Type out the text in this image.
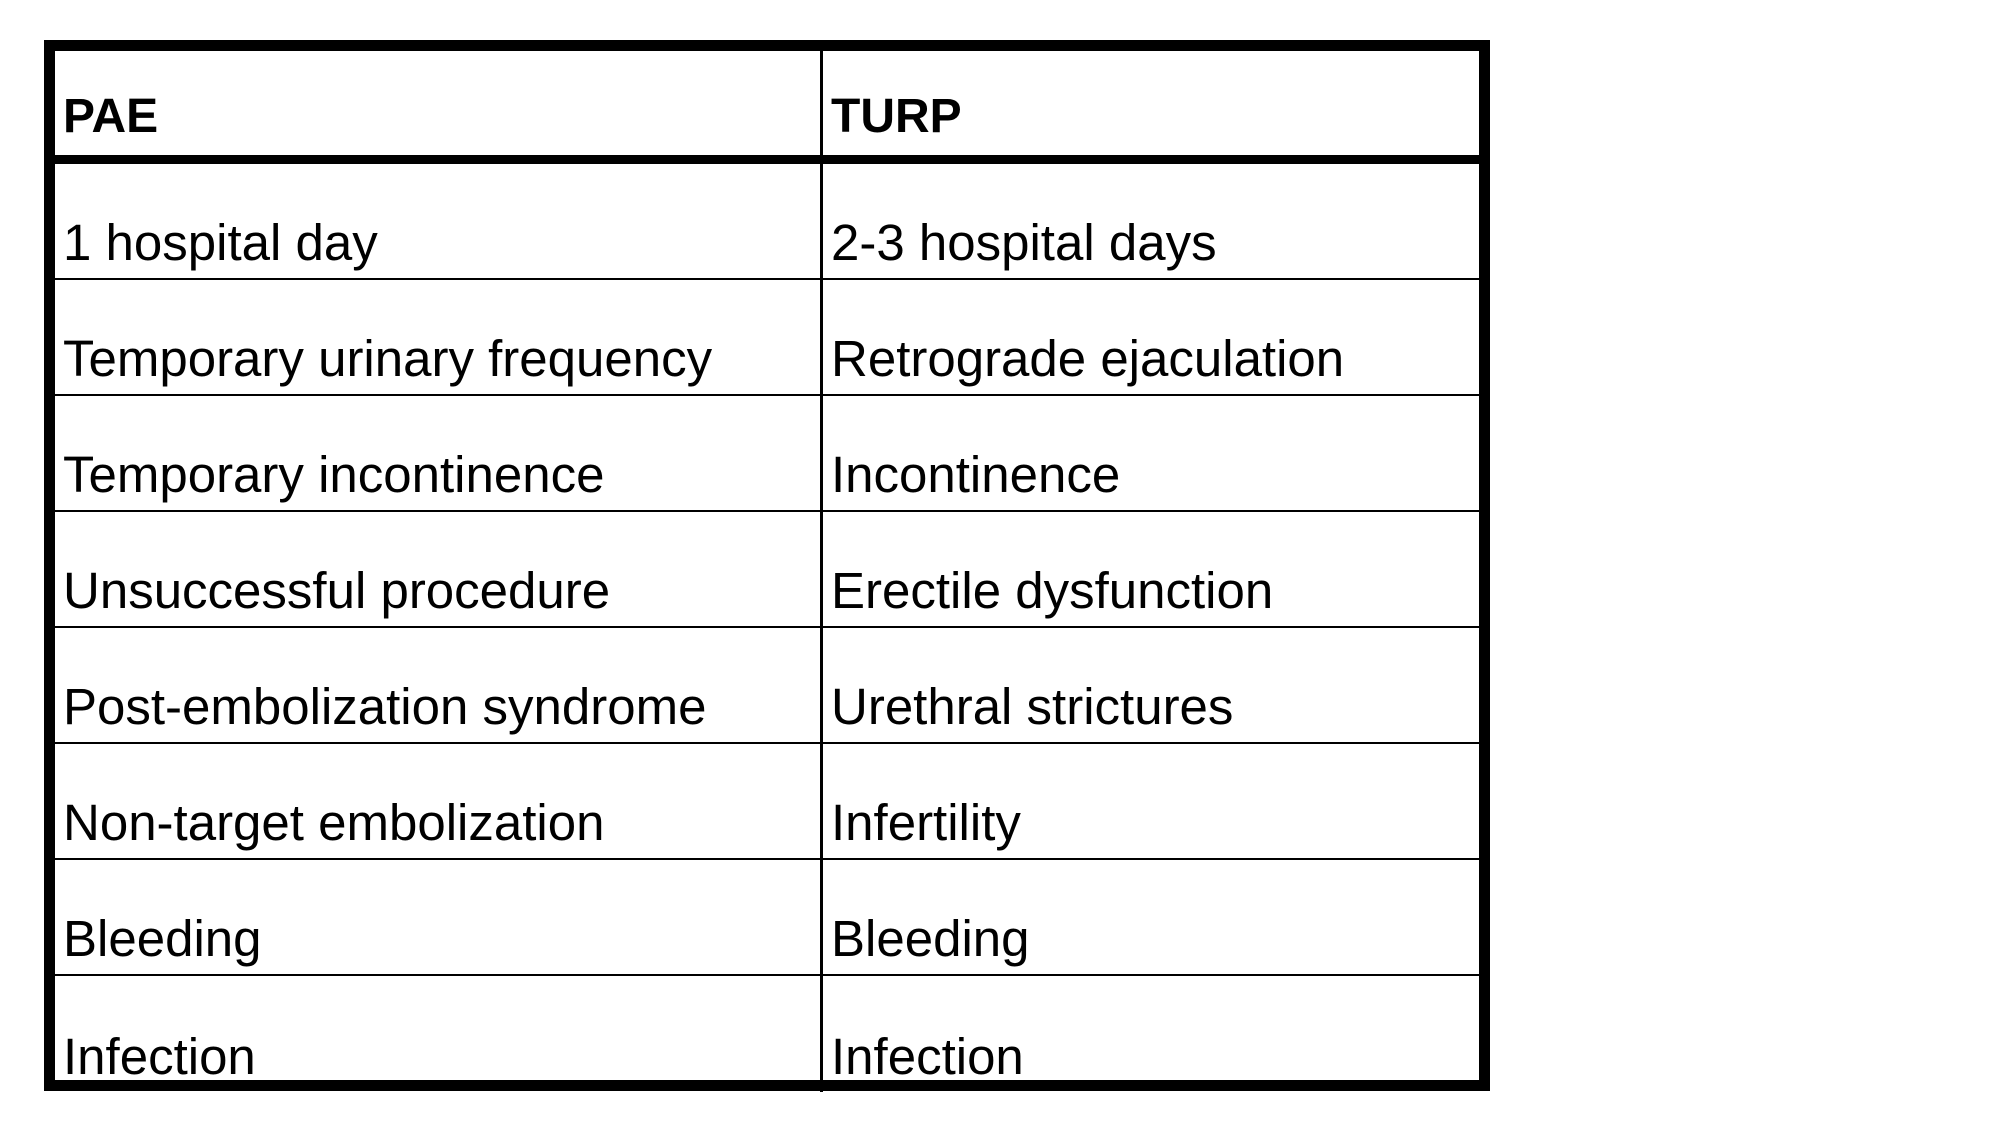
PAE	TURP
1 hospital day	2-3 hospital days
Temporary urinary frequency	Retrograde ejaculation
Temporary incontinence	Incontinence
Unsuccessful procedure	Erectile dysfunction
Post-embolization syndrome	Urethral strictures
Non-target embolization	Infertility
Bleeding	Bleeding
Infection	Infection
